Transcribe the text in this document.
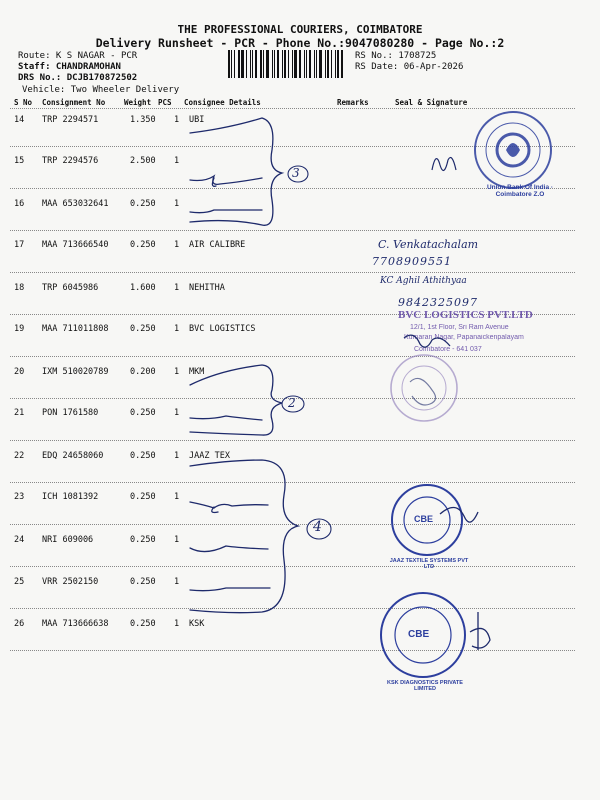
THE PROFESSIONAL COURIERS, COIMBATORE
Delivery Runsheet - PCR - Phone No.:9047080280 - Page No.:2
Route: K S NAGAR - PCR
Staff: CHANDRAMOHAN
DRS No.: DCJB170872502
Vehicle: Two Wheeler Delivery
RS No.: 1708725
RS Date: 06-Apr-2026
S No Consignment No	Weight PCS Consignee Details	Remarks	Seal & Signature
14 TRP 2294571	1.350 1 UBI
15 TRP 2294576	2.500 1
16 MAA 653032641	0.250 1
17 MAA 713666540	0.250 1 AIR CALIBRE
18 TRP 6045986	1.600 1 NEHITHA
19 MAA 711011808	0.250 1 BVC LOGISTICS
20 IXM 510020789	0.200 1 MKM
21 PON 1761580	0.250 1
22 EDQ 24658060	0.250 1 JAAZ TEX
23 ICH 1081392	0.250 1
24 NRI 609006	0.250 1
25 VRR 2502150	0.250 1
26 MAA 713666638	0.250 1 KSK
3
2
4
Union Bank Of India · Coimbatore Z.O
C. Venkatachalam
7708909551
KC Aghil Athithyaa
9842325097
BVC LOGISTICS PVT.LTD
12/1, 1st Floor, Sri Ram Avenue
Kumaran Nagar, Papanaickenpalayam
Coimbatore - 641 037
CBE
JAAZ TEXTILE SYSTEMS PVT LTD
CBE
KSK DIAGNOSTICS PRIVATE LIMITED
